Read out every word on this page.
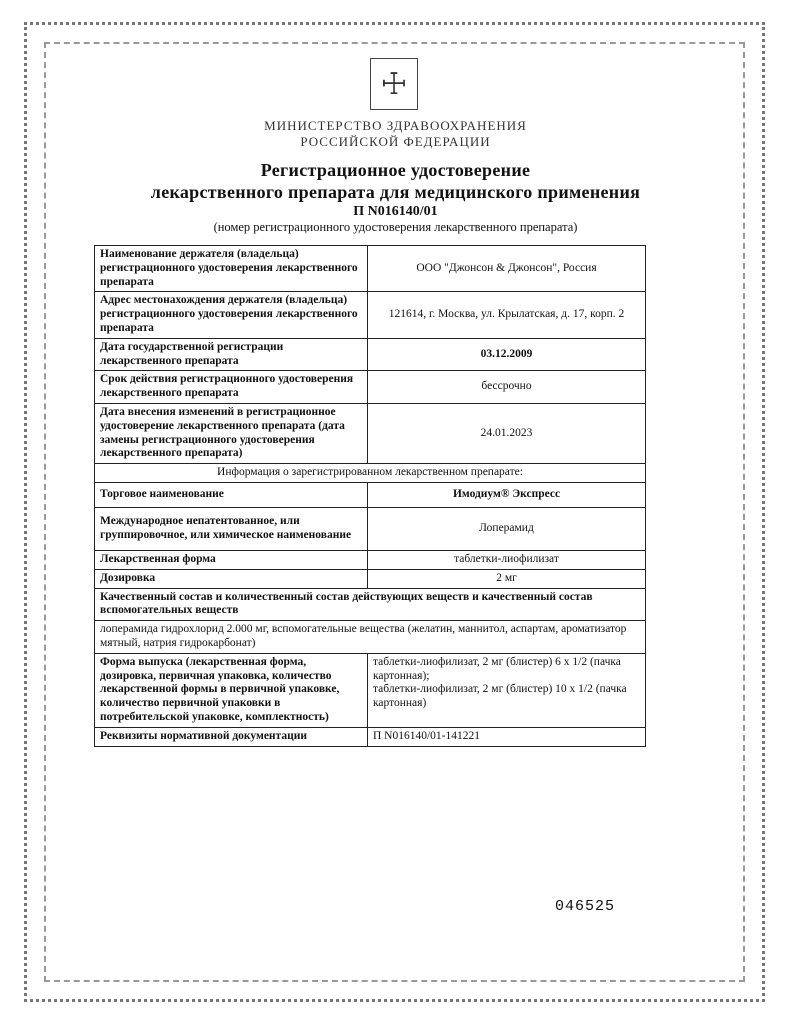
☩
МИНИСТЕРСТВО ЗДРАВООХРАНЕНИЯ
РОССИЙСКОЙ ФЕДЕРАЦИИ
Регистрационное удостоверение
лекарственного препарата для медицинского применения
П N016140/01
(номер регистрационного удостоверения лекарственного препарата)
Наименование держателя (владельца) регистрационного удостоверения лекарственного препарата	ООО "Джонсон & Джонсон", Россия
Адрес местонахождения держателя (владельца) регистрационного удостоверения лекарственного препарата	121614, г. Москва, ул. Крылатская, д. 17, корп. 2
Дата государственной регистрации лекарственного препарата	03.12.2009
Срок действия регистрационного удостоверения лекарственного препарата	бессрочно
Дата внесения изменений в регистрационное удостоверение лекарственного препарата (дата замены регистрационного удостоверения лекарственного препарата)	24.01.2023
Информация о зарегистрированном лекарственном препарате:	
Торговое наименование	Имодиум® Экспресс
Международное непатентованное, или группировочное, или химическое наименование	Лоперамид
Лекарственная форма	таблетки-лиофилизат
Дозировка	2 мг
Качественный состав и количественный состав действующих веществ и качественный состав вспомогательных веществ	
лоперамида гидрохлорид 2.000 мг, вспомогательные вещества (желатин, маннитол, аспартам, ароматизатор мятный, натрия гидрокарбонат)	
Форма выпуска (лекарственная форма, дозировка, первичная упаковка, количество лекарственной формы в первичной упаковке, количество первичной упаковки в потребительской упаковке, комплектность)	таблетки-лиофилизат, 2 мг (блистер) 6 x 1/2 (пачка картонная);
таблетки-лиофилизат, 2 мг (блистер) 10 x 1/2 (пачка картонная)

Реквизиты нормативной документации	П N016140/01-141221
046525
